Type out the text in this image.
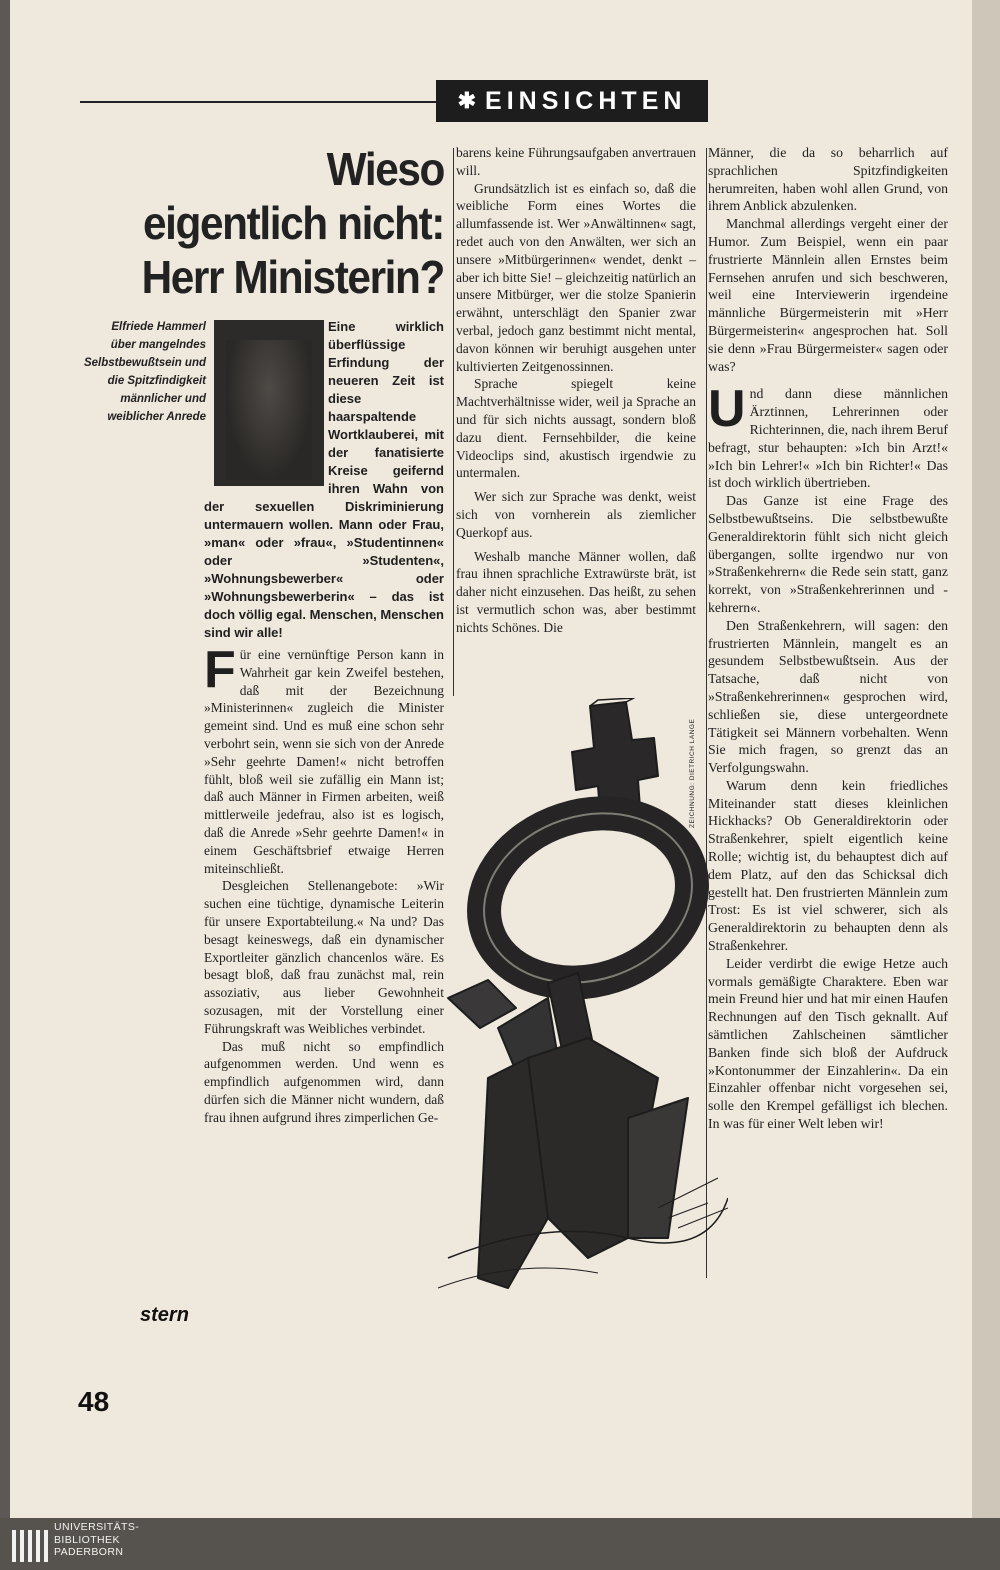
✱ EINSICHTEN
Wieso
eigentlich nicht:
Herr Ministerin?
Elfriede Hammerl
über mangelndes
Selbstbewußtsein und
die Spitzfindigkeit
männlicher und
weiblicher Anrede

Eine wirklich überflüssige Erfindung der neueren Zeit ist diese haarspaltende Wortklauberei, mit der fanatisierte Kreise geifernd ihren Wahn von der sexuellen Diskriminierung untermauern wollen. Mann oder Frau, »man« oder »frau«, »Studentinnen« oder »Studenten«, »Wohnungsbewerber« oder »Wohnungsbewerberin« – das ist doch völlig egal. Menschen, Menschen sind wir alle!

Für eine vernünftige Person kann in Wahrheit gar kein Zweifel bestehen, daß mit der Bezeichnung »Ministerinnen« zugleich die Minister gemeint sind. Und es muß eine schon sehr verbohrt sein, wenn sie sich von der Anrede »Sehr geehrte Damen!« nicht betroffen fühlt, bloß weil sie zufällig ein Mann ist; daß auch Männer in Firmen arbeiten, weiß mittlerweile jedefrau, also ist es logisch, daß die Anrede »Sehr geehrte Damen!« in einem Geschäftsbrief etwaige Herren miteinschließt.

Desgleichen Stellenangebote: »Wir suchen eine tüchtige, dynamische Leiterin für unsere Exportabteilung.« Na und? Das besagt keineswegs, daß ein dynamischer Exportleiter gänzlich chancenlos wäre. Es besagt bloß, daß frau zunächst mal, rein assoziativ, aus lieber Gewohnheit sozusagen, mit der Vorstellung einer Führungskraft was Weibliches verbindet.

Das muß nicht so empfindlich aufgenommen werden. Und wenn es empfindlich aufgenommen wird, dann dürfen sich die Männer nicht wundern, daß frau ihnen aufgrund ihres zimperlichen Ge-

barens keine Führungsaufgaben anvertrauen will.

Grundsätzlich ist es einfach so, daß die weibliche Form eines Wortes die allumfassende ist. Wer »Anwältinnen« sagt, redet auch von den Anwälten, wer sich an unsere »Mitbürgerinnen« wendet, denkt – aber ich bitte Sie! – gleichzeitig natürlich an unsere Mitbürger, wer die stolze Spanierin erwähnt, unterschlägt den Spanier zwar verbal, jedoch ganz bestimmt nicht mental, davon können wir beruhigt ausgehen unter kultivierten Zeitgenossinnen.

Sprache spiegelt keine Machtverhältnisse wider, weil ja Sprache an und für sich nichts aussagt, sondern bloß dazu dient. Fernsehbilder, die keine Videoclips sind, akustisch irgendwie zu untermalen.

Wer sich zur Sprache was denkt, weist sich von vornherein als ziemlicher Querkopf aus.

Weshalb manche Männer wollen, daß frau ihnen sprachliche Extrawürste brät, ist daher nicht einzusehen. Das heißt, zu sehen ist vermutlich schon was, aber bestimmt nichts Schönes. Die

Männer, die da so beharrlich auf sprachlichen Spitzfindigkeiten herumreiten, haben wohl allen Grund, von ihrem Anblick abzulenken.

Manchmal allerdings vergeht einer der Humor. Zum Beispiel, wenn ein paar frustrierte Männlein allen Ernstes beim Fernsehen anrufen und sich beschweren, weil eine Interviewerin irgendeine männliche Bürgermeisterin mit »Herr Bürgermeisterin« angesprochen hat. Soll sie denn »Frau Bürgermeister« sagen oder was?

Und dann diese männlichen Ärztinnen, Lehrerinnen oder Richterinnen, die, nach ihrem Beruf befragt, stur behaupten: »Ich bin Arzt!« »Ich bin Lehrer!« »Ich bin Richter!« Das ist doch wirklich übertrieben.

Das Ganze ist eine Frage des Selbstbewußtseins. Die selbstbewußte Generaldirektorin fühlt sich nicht gleich übergangen, sollte irgendwo nur von »Straßenkehrern« die Rede sein statt, ganz korrekt, von »Straßenkehrerinnen und -kehrern«.

Den Straßenkehrern, will sagen: den frustrierten Männlein, mangelt es an gesundem Selbstbewußtsein. Aus der Tatsache, daß nicht von »Straßenkehrerinnen« gesprochen wird, schließen sie, diese untergeordnete Tätigkeit sei Männern vorbehalten. Wenn Sie mich fragen, so grenzt das an Verfolgungswahn.

Warum denn kein friedliches Miteinander statt dieses kleinlichen Hickhacks? Ob Generaldirektorin oder Straßenkehrer, spielt eigentlich keine Rolle; wichtig ist, du behauptest dich auf dem Platz, auf den das Schicksal dich gestellt hat. Den frustrierten Männlein zum Trost: Es ist viel schwerer, sich als Generaldirektorin zu behaupten denn als Straßenkehrer.

Leider verdirbt die ewige Hetze auch vormals gemäßigte Charaktere. Eben war mein Freund hier und hat mir einen Haufen Rechnungen auf den Tisch geknallt. Auf sämtlichen Zahlscheinen sämtlicher Banken finde sich bloß der Aufdruck »Kontonummer der Einzahlerin«. Da ein Einzahler offenbar nicht vorgesehen sei, solle den Krempel gefälligst ich blechen. In was für einer Welt leben wir!

ZEICHNUNG: DIETRICH LANGE
stern
48
UNIVERSITÄTS-
BIBLIOTHEK
PADERBORN
